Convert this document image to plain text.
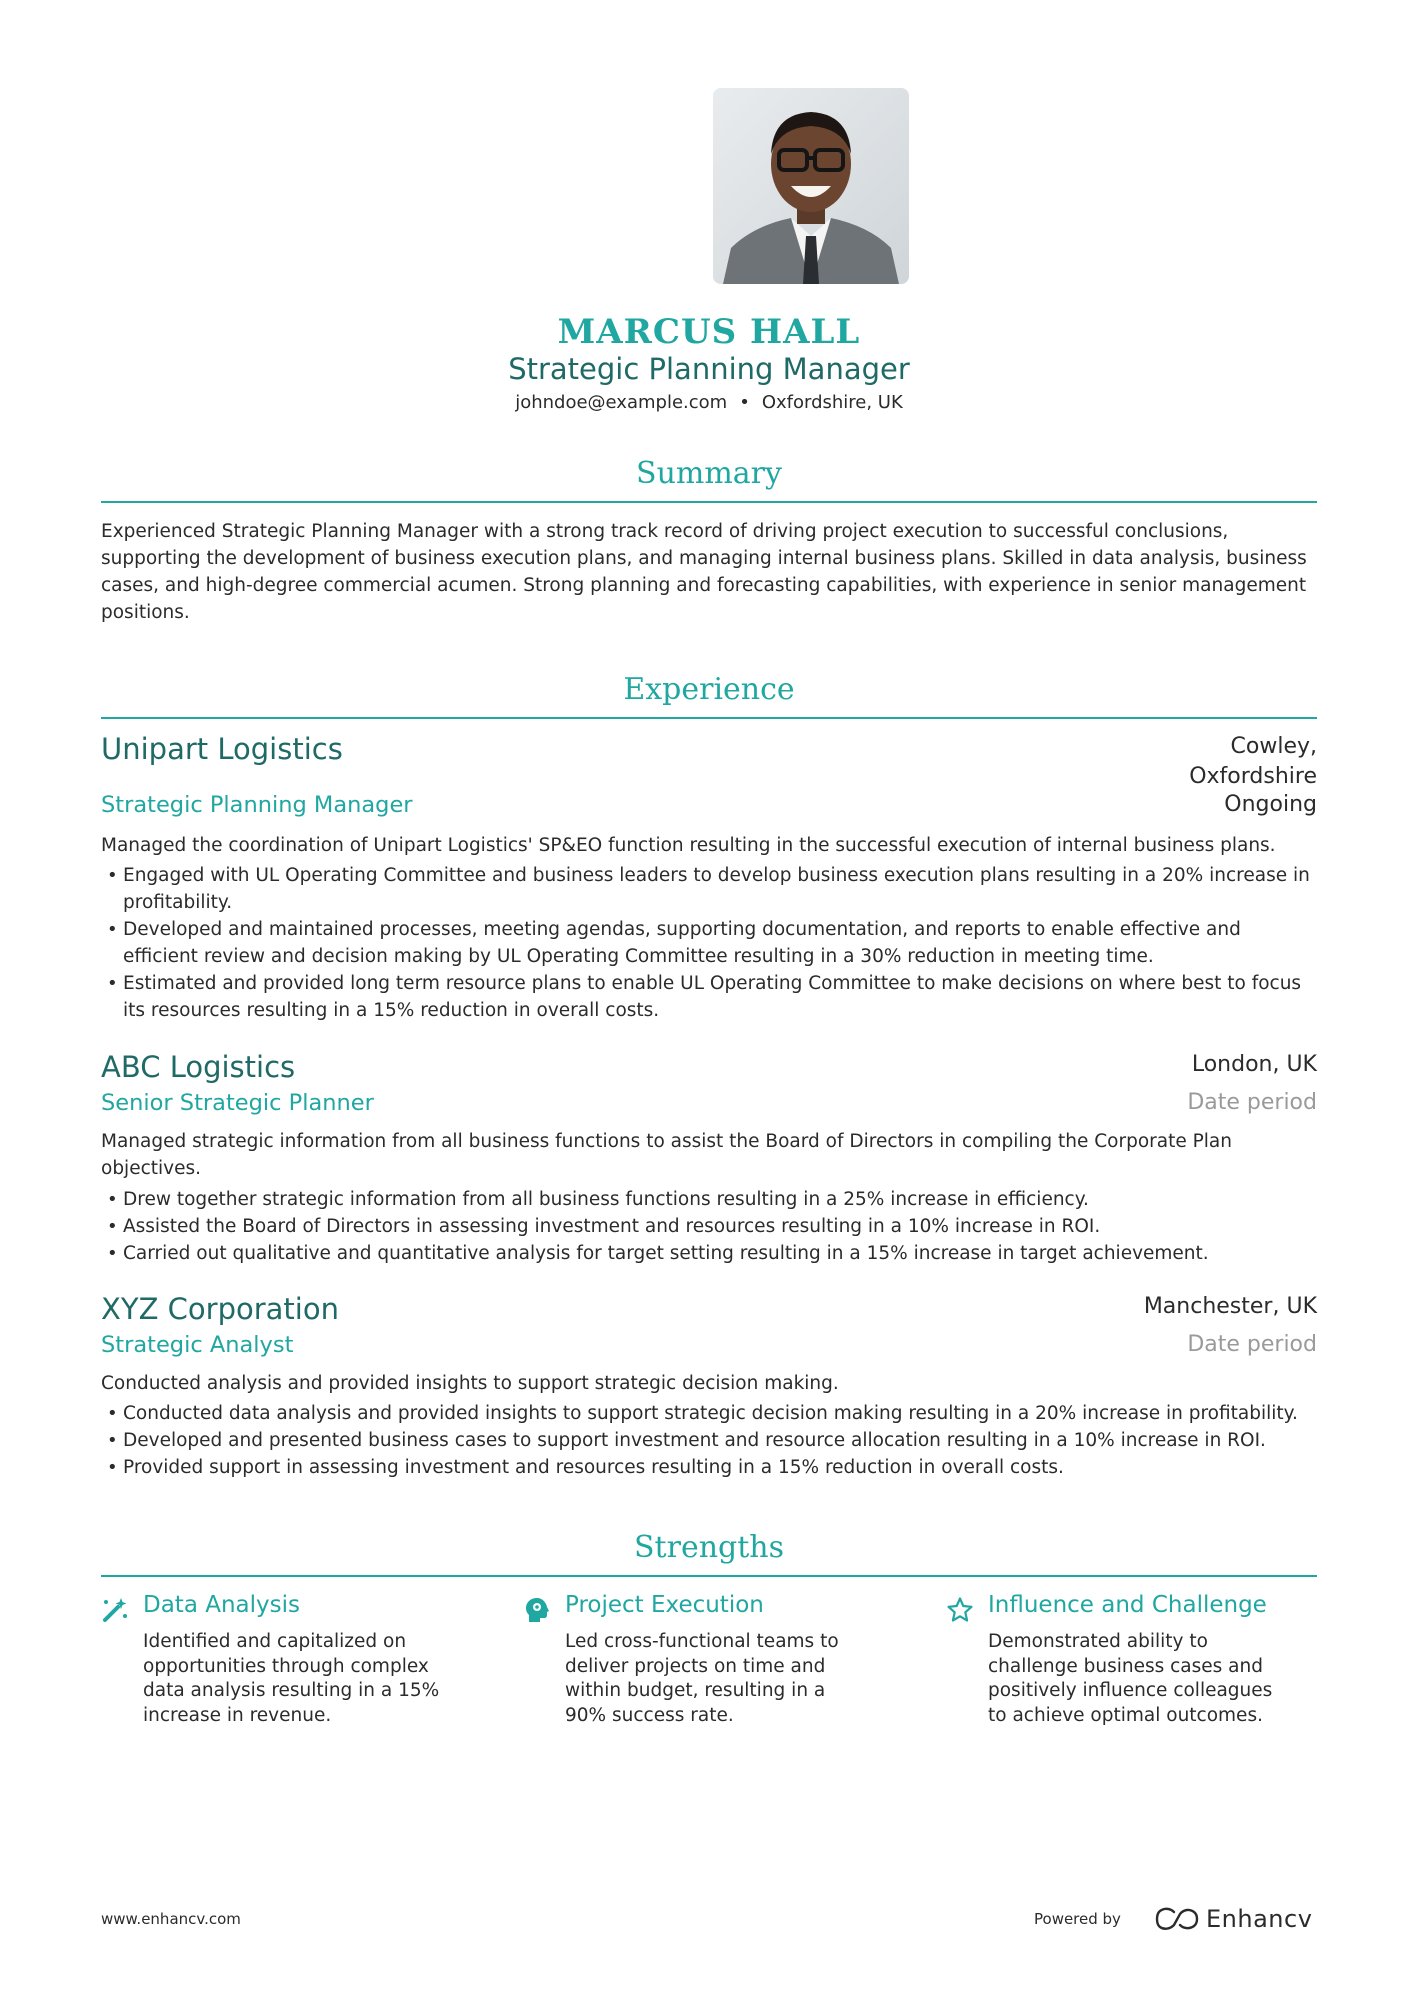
MARCUS HALL
Strategic Planning Manager
johndoe@example.com • Oxfordshire, UK
Summary
Experienced Strategic Planning Manager with a strong track record of driving project execution to successful conclusions, supporting the development of business execution plans, and managing internal business plans. Skilled in data analysis, business cases, and high-degree commercial acumen. Strong planning and forecasting capabilities, with experience in senior management positions.
Experience
Unipart Logistics	Cowley,
Oxfordshire
Strategic Planning Manager	Ongoing
Managed the coordination of Unipart Logistics' SP&EO function resulting in the successful execution of internal business plans.
• Engaged with UL Operating Committee and business leaders to develop business execution plans resulting in a 20% increase in profitability.
• Developed and maintained processes, meeting agendas, supporting documentation, and reports to enable effective and efficient review and decision making by UL Operating Committee resulting in a 30% reduction in meeting time.
• Estimated and provided long term resource plans to enable UL Operating Committee to make decisions on where best to focus its resources resulting in a 15% reduction in overall costs.
ABC Logistics	London, UK
Senior Strategic Planner	Date period
Managed strategic information from all business functions to assist the Board of Directors in compiling the Corporate Plan objectives.
• Drew together strategic information from all business functions resulting in a 25% increase in efficiency.
• Assisted the Board of Directors in assessing investment and resources resulting in a 10% increase in ROI.
• Carried out qualitative and quantitative analysis for target setting resulting in a 15% increase in target achievement.
XYZ Corporation	Manchester, UK
Strategic Analyst	Date period
Conducted analysis and provided insights to support strategic decision making.
• Conducted data analysis and provided insights to support strategic decision making resulting in a 20% increase in profitability.
• Developed and presented business cases to support investment and resource allocation resulting in a 10% increase in ROI.
• Provided support in assessing investment and resources resulting in a 15% reduction in overall costs.
Strengths
Data Analysis
Identified and capitalized on opportunities through complex data analysis resulting in a 15% increase in revenue.
Project Execution
Led cross-functional teams to deliver projects on time and within budget, resulting in a 90% success rate.
Influence and Challenge
Demonstrated ability to challenge business cases and positively influence colleagues to achieve optimal outcomes.
www.enhancv.com	Powered by	Enhancv
